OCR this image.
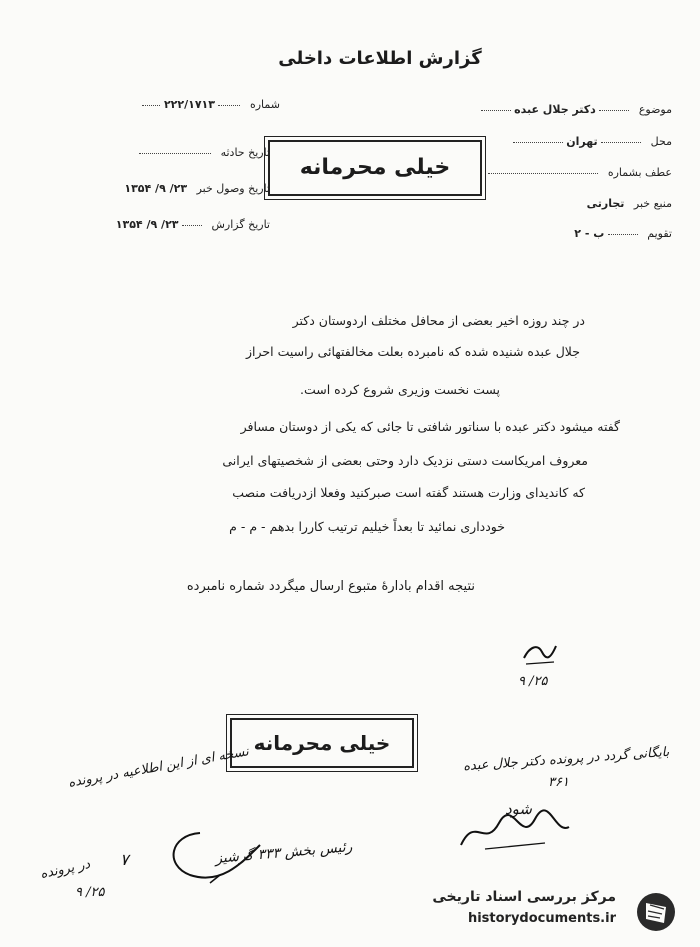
گزارش اطلاعات داخلی
موضوع  دکتر جلال عبده
محل  تهران
عطف بشماره
منبع خبر تجارتی
تقویم  ب - ۲
شماره  ۲۲۲/۱۷۱۳
تاریخ حادثه
تاریخ وصول خبر ۲۳/ ۹/ ۱۳۵۴
تاریخ گزارش  ۲۳/ ۹/ ۱۳۵۴
خیلی محرمانه
در چند روزه اخیر بعضی از محافل مختلف اردوستان دکتر
جلال عبده شنیده شده که نامبرده بعلت مخالفتهائی راسیت احراز
پست نخست وزیری شروع کرده است.
گفته میشود دکتر عبده با سناتور شافتی تا جائی که یکی از دوستان مسافر
معروف امریکاست دستی نزدیک دارد وحتی بعضی از شخصیتهای ایرانی
که کاندیدای وزارت هستند گفته است صبرکنید وفعلا ازدریافت منصب
خودداری نمائید تا بعداً خیلیم ترتیب کاررا بدهم - م - م
نتیجه اقدام بادارهٔ متبوع ارسال میگردد شماره نامبرده
۲۵/ ۹
خیلی محرمانه
نسخه ای از این اطلاعیه در پرونده	بایگانی گردد در پرونده دکتر جلال عبده
۳۶۱
شود
رئیس بخش ۳۳۳ گرشیز
۷
در پرونده
۲۵/ ۹	مرکز بررسی اسناد تاریخی
historydocuments.ir
